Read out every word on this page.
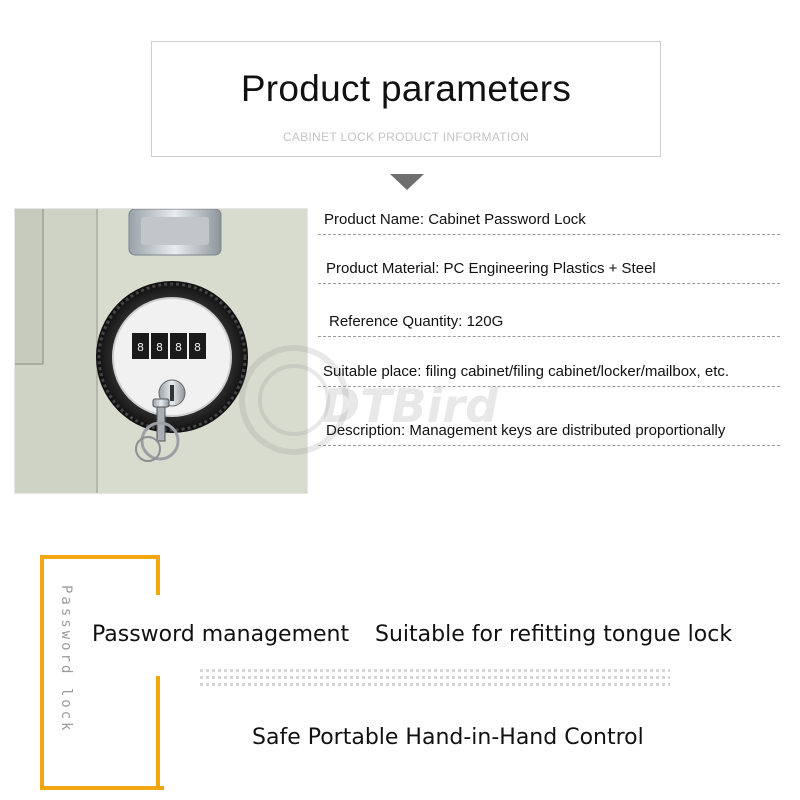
Product parameters
CABINET LOCK PRODUCT INFORMATION
8 8 8 8
Product Name: Cabinet Password Lock
Product Material: PC Engineering Plastics + Steel
Reference Quantity: 120G
Suitable place: filing cabinet/filing cabinet/locker/mailbox, etc.
Description: Management keys are distributed proportionally
DTBird
Password lock Password management Suitable for refitting tongue lock
Safe Portable Hand-in-Hand Control
